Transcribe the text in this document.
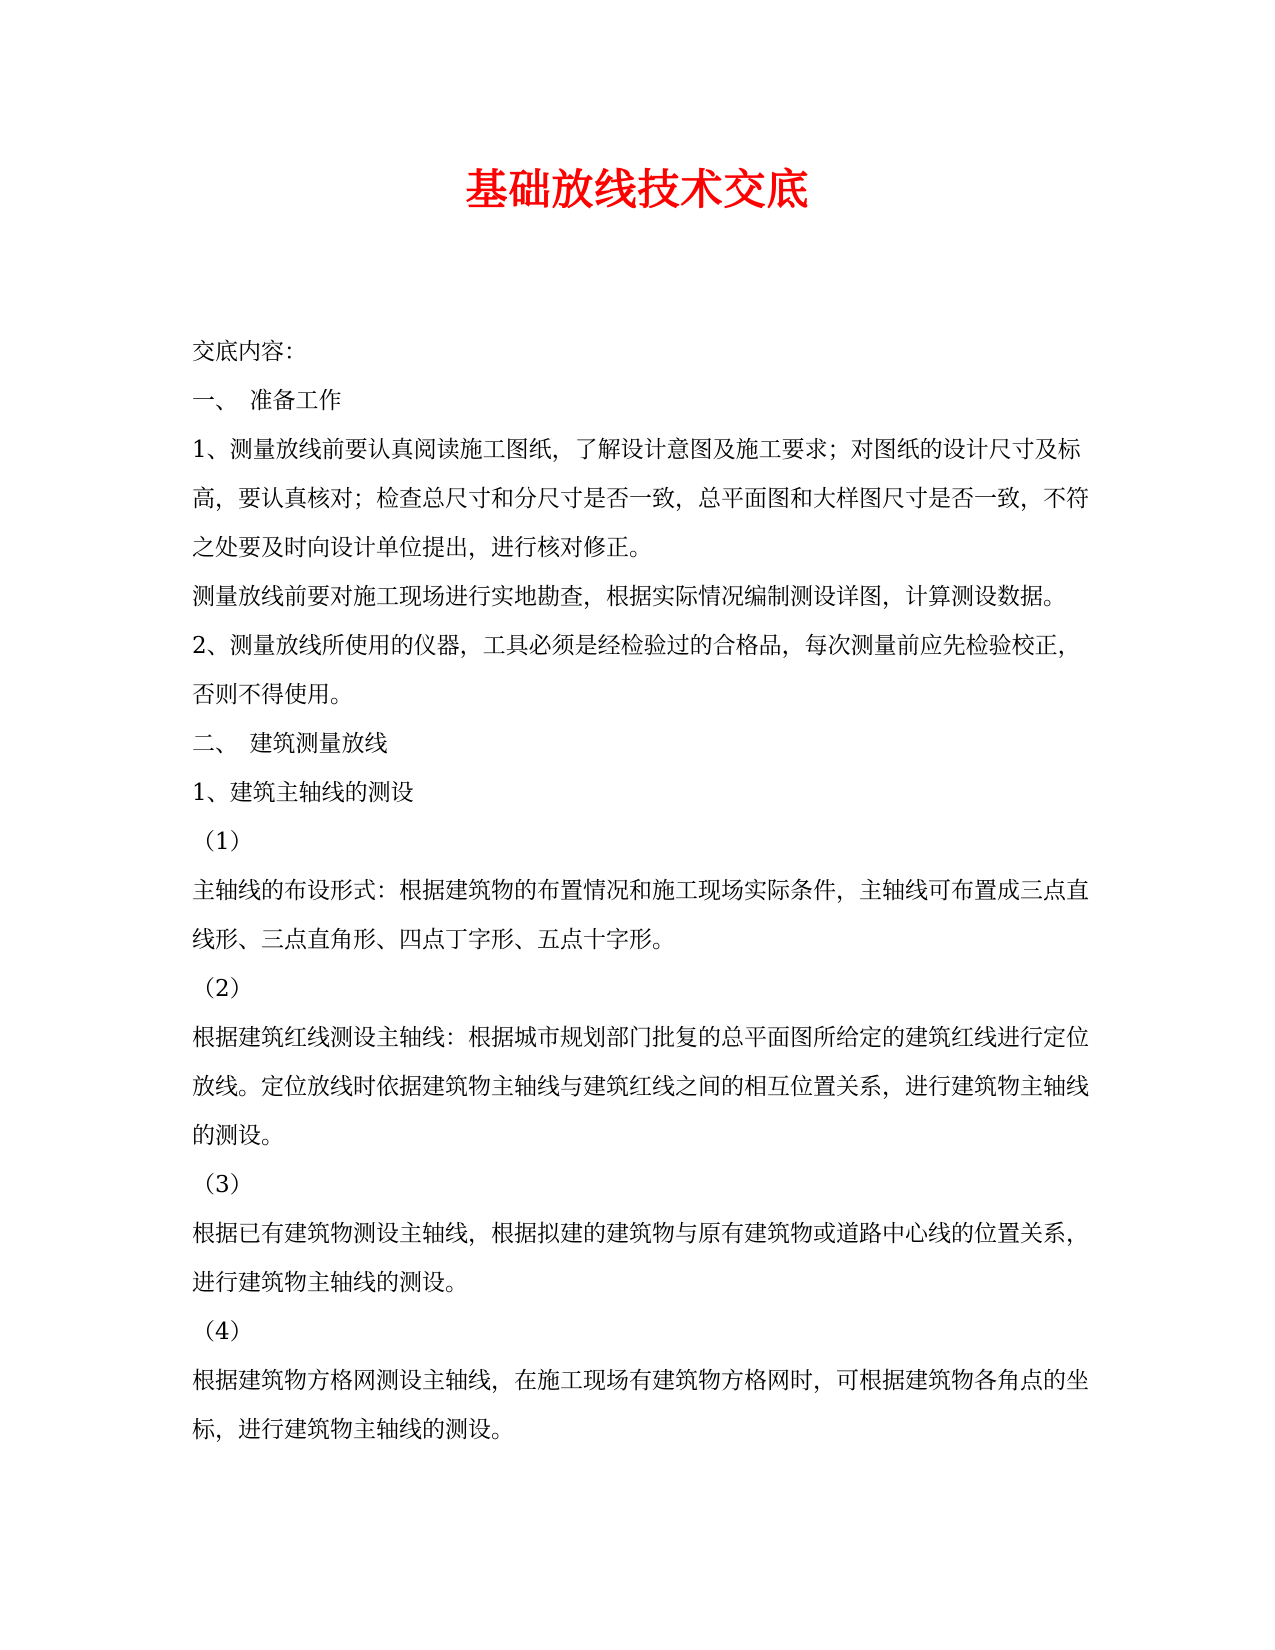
基础放线技术交底

交底内容：

一、　准备工作

1、测量放线前要认真阅读施工图纸，了解设计意图及施工要求；对图纸的设计尺寸及标高，要认真核对；检查总尺寸和分尺寸是否一致，总平面图和大样图尺寸是否一致，不符之处要及时向设计单位提出，进行核对修正。

测量放线前要对施工现场进行实地勘查，根据实际情况编制测设详图，计算测设数据。

2、测量放线所使用的仪器，工具必须是经检验过的合格品，每次测量前应先检验校正，否则不得使用。

二、　建筑测量放线

1、建筑主轴线的测设

（1）

主轴线的布设形式：根据建筑物的布置情况和施工现场实际条件，主轴线可布置成三点直线形、三点直角形、四点丁字形、五点十字形。

（2）

根据建筑红线测设主轴线：根据城市规划部门批复的总平面图所给定的建筑红线进行定位放线。定位放线时依据建筑物主轴线与建筑红线之间的相互位置关系，进行建筑物主轴线的测设。

（3）

根据已有建筑物测设主轴线，根据拟建的建筑物与原有建筑物或道路中心线的位置关系，进行建筑物主轴线的测设。

（4）

根据建筑物方格网测设主轴线，在施工现场有建筑物方格网时，可根据建筑物各角点的坐标，进行建筑物主轴线的测设。
